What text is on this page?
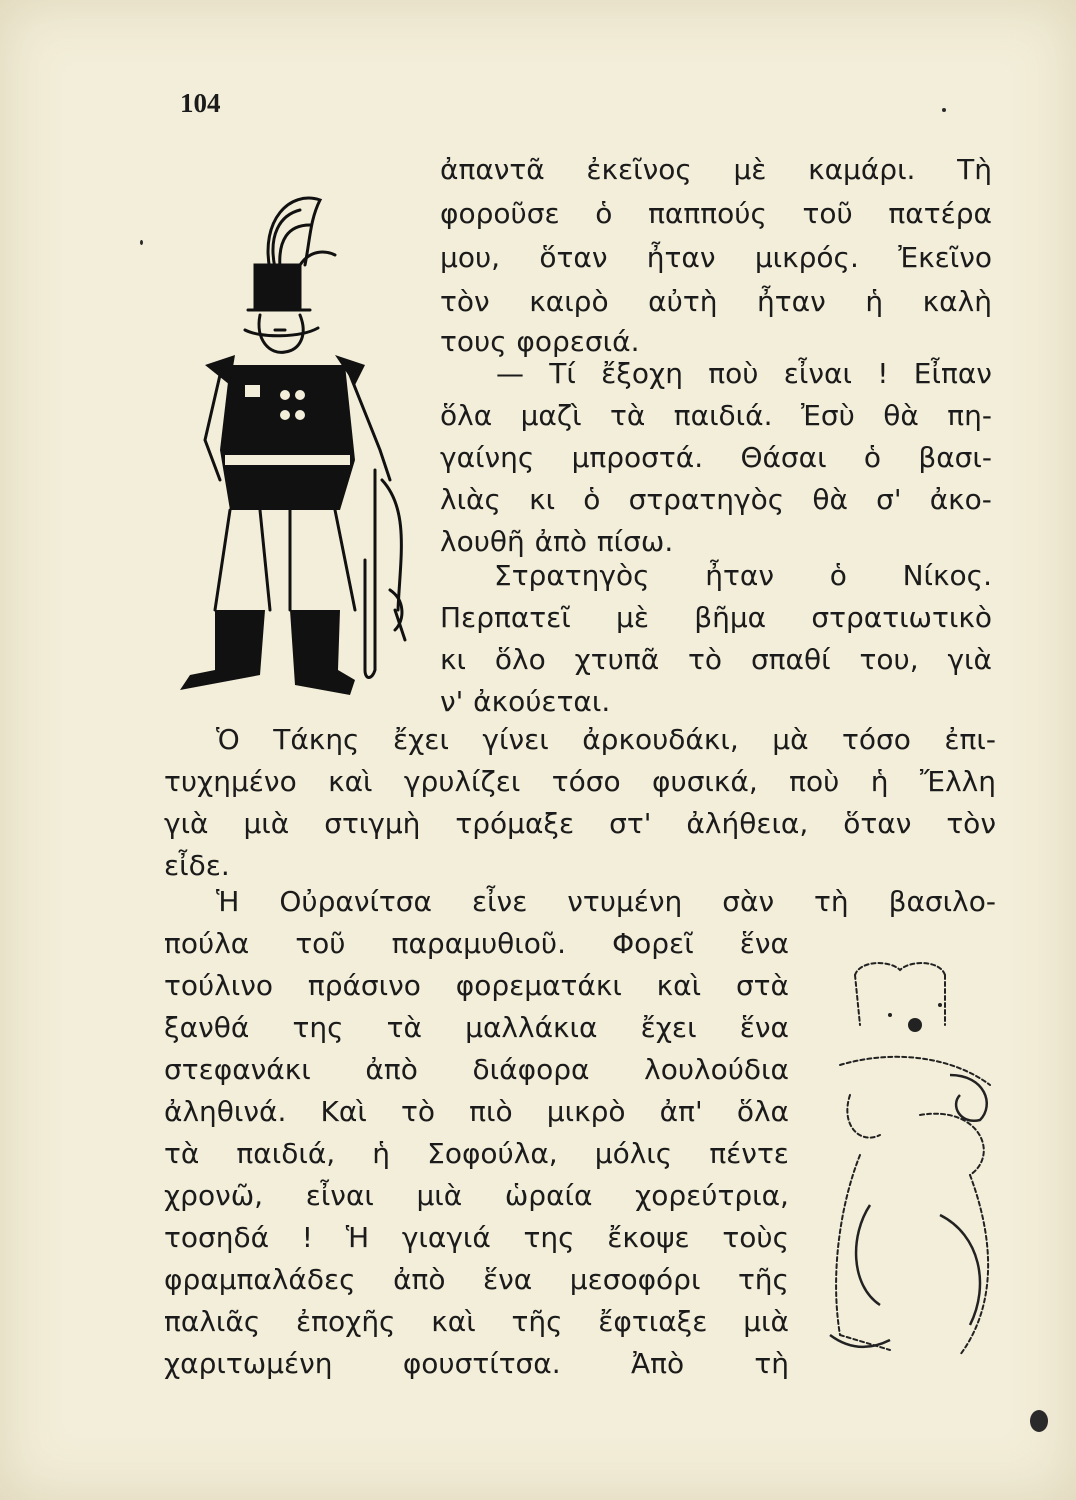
104
ἀπαντᾶ ἐκεῖνος μὲ καμάρι. Τὴ
φοροῦσε ὁ παππούς τοῦ πατέρα
μου, ὅταν ἦταν μικρός. Ἐκεῖνο
τὸν καιρὸ αὐτὴ ἦταν ἡ καλὴ
τους φορεσιά.
— Τί ἔξοχη ποὺ εἶναι ! Εἶπαν
ὅλα μαζὶ τὰ παιδιά. Ἐσὺ θὰ πη-
γαίνης μπροστά. Θάσαι ὁ βασι-
λιὰς κι ὁ στρατηγὸς θὰ σ' ἀκο-
λουθῆ ἀπὸ πίσω.
Στρατηγὸς ἦταν ὁ Νίκος.
Περπατεῖ μὲ βῆμα στρατιωτικὸ
κι ὅλο χτυπᾶ τὸ σπαθί του, γιὰ
ν' ἀκούεται.
Ὁ Τάκης ἔχει γίνει ἀρκουδάκι, μὰ τόσο ἐπι-
τυχημένο καὶ γρυλίζει τόσο φυσικά, ποὺ ἡ Ἔλλη
γιὰ μιὰ στιγμὴ τρόμαξε στ' ἀλήθεια, ὅταν τὸν
εἶδε.
Ἡ Οὐρανίτσα εἶνε ντυμένη σὰν τὴ βασιλο-
πούλα τοῦ παραμυθιοῦ. Φορεῖ ἕνα
τούλινο πράσινο φορεματάκι καὶ στὰ
ξανθά της τὰ μαλλάκια ἔχει ἕνα
στεφανάκι ἀπὸ διάφορα λουλούδια
ἀληθινά. Καὶ τὸ πιὸ μικρὸ ἀπ' ὅλα
τὰ παιδιά, ἡ Σοφούλα, μόλις πέντε
χρονῶ, εἶναι μιὰ ὡραία χορεύτρια,
τοσηδά ! Ἡ γιαγιά της ἔκοψε τοὺς
φραμπαλάδες ἀπὸ ἕνα μεσοφόρι τῆς
παλιᾶς ἐποχῆς καὶ τῆς ἔφτιαξε μιὰ
χαριτωμένη	φουστίτσα.	Ἀπὸ	τὴ
